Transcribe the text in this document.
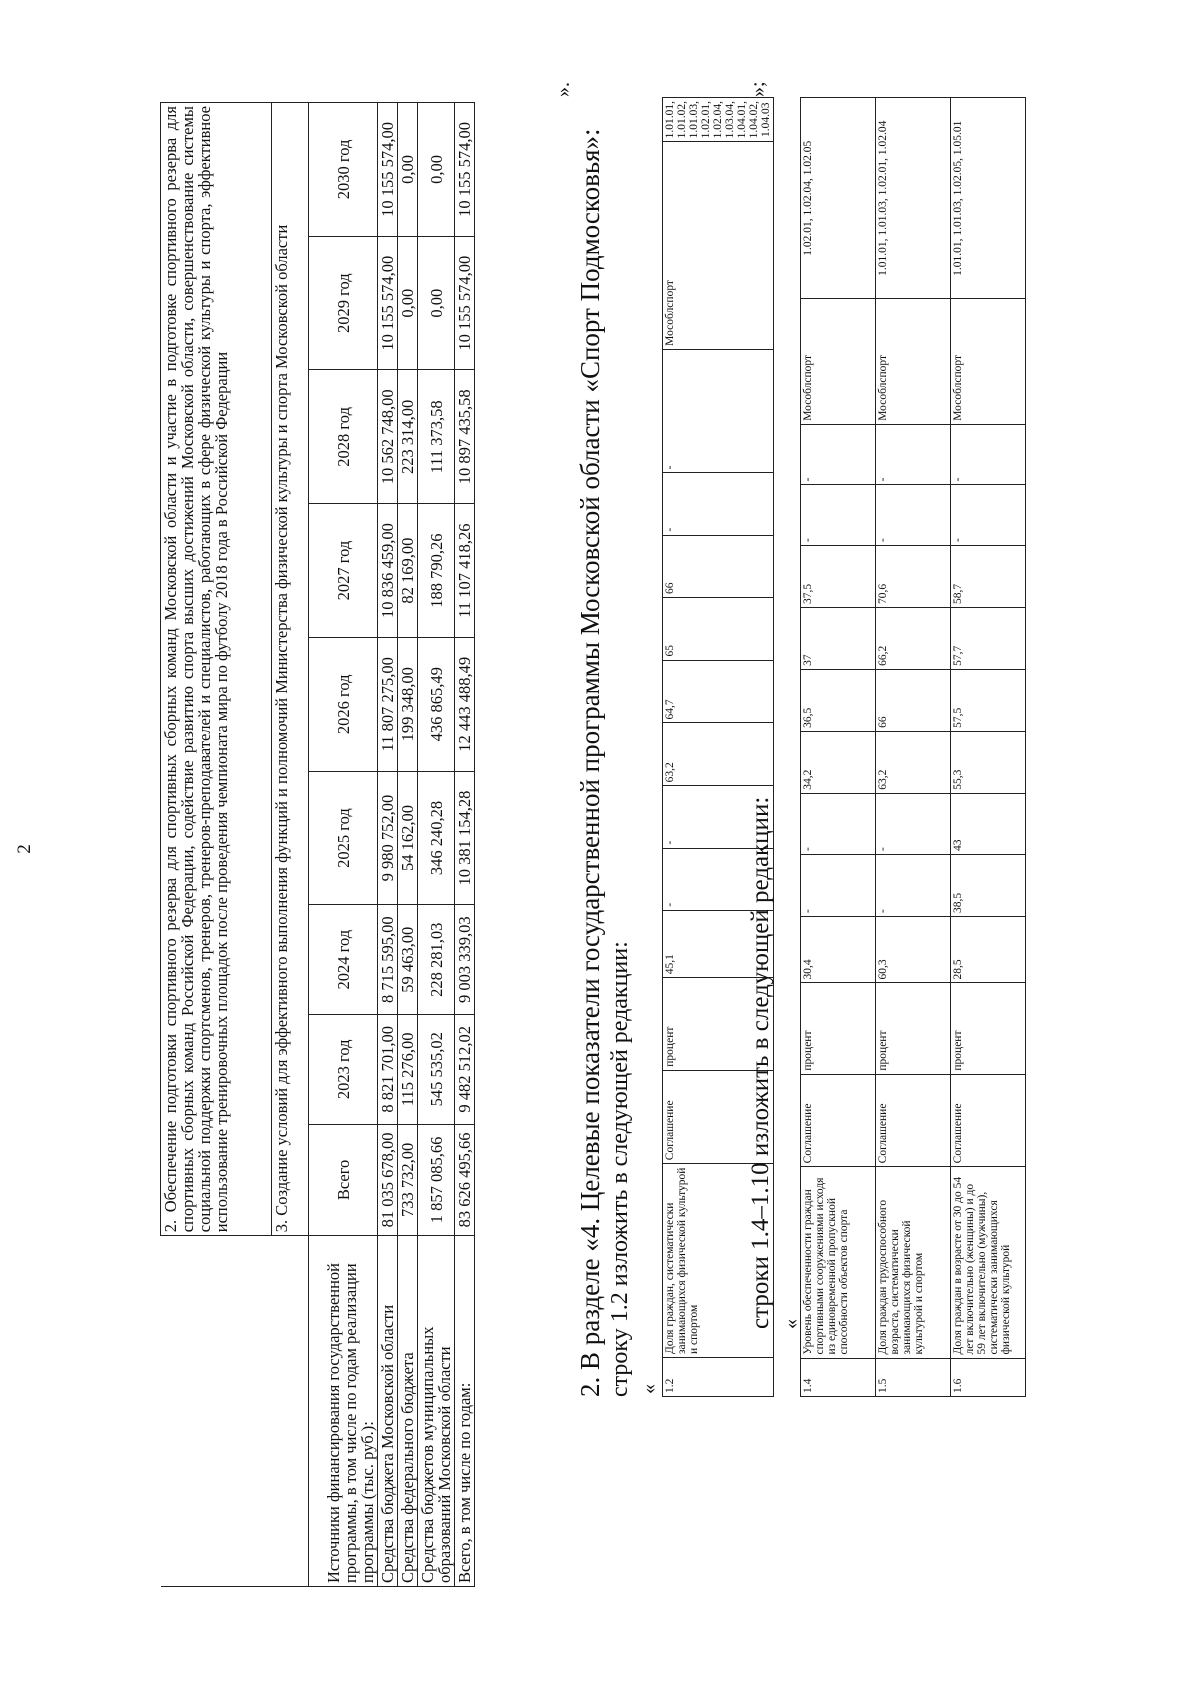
2
		2. Обеспечение подготовки спортивного резерва для спортивных сборных команд Московской области и участие в подготовке спортивного резерва для спортивных сборных команд Российской Федерации, содействие развитию спорта высших достижений Московской области, совершенствование системы социальной поддержки спортсменов, тренеров, тренеров-преподавателей и специалистов, работающих в сфере физической культуры и спорта, эффективное использование тренировочных площадок после проведения чемпионата мира по футболу 2018 года в Российской Федерации								
	3. Создание условий для эффективного выполнения функций и полномочий Министерства физической культуры и спорта Московской области								
Источники финансирования государственной программы, в том числе по годам реализации программы (тыс. руб.):	Всего	2023 год	2024 год	2025 год	2026 год	2027 год	2028 год	2029 год	2030 год
Средства бюджета Московской области	81 035 678,00	8 821 701,00	8 715 595,00	9 980 752,00	11 807 275,00	10 836 459,00	10 562 748,00	10 155 574,00	10 155 574,00
Средства федерального бюджета	733 732,00	115 276,00	59 463,00	54 162,00	199 348,00	82 169,00	223 314,00	0,00	0,00
Средства бюджетов муниципальных образований Московской области	1 857 085,66	545 535,02	228 281,03	346 240,28	436 865,49	188 790,26	111 373,58	0,00	0,00
Всего, в том числе по годам:	83 626 495,66	9 482 512,02	9 003 339,03	10 381 154,28	12 443 488,49	11 107 418,26	10 897 435,58	10 155 574,00	10 155 574,00
».
2. В разделе «4. Целевые показатели государственной программы Московской области «Спорт Подмосковья»: строку 1.2 изложить в следующей редакции: « 1.2	Доля граждан, систематически занимающихся физической культурой и спортом	Соглашение	процент	45,1	-	-	63,2	64,7	65	66	-	-	Мособлспорт	1.01.01, 1.01.02, 1.01.03, 1.02.01, 1.02.04, 1.03.04, 1.04.01, 1.04.02, 1.04.03
»;
строки 1.4–1.10 изложить в следующей редакции: «
1.4	Уровень обеспеченности граждан спортивными сооружениями исходя из единовременной пропускной способности объектов спорта	Соглашение	процент	30,4	-	-	34,2	36,5	37	37,5	-	-	Мособлспорт	1.02.01, 1.02.04, 1.02.05
1.5	Доля граждан трудоспособного возраста, систематически занимающихся физической культурой и спортом	Соглашение	процент	60,3	-	-	63,2	66	66,2	70,6	-	-	Мособлспорт	1.01.01, 1.01.03, 1.02.01, 1.02.04
1.6	Доля граждан в возрасте от 30 до 54 лет включительно (женщины) и до 59 лет включительно (мужчины), систематически занимающихся физической культурой	Соглашение	процент	28,5	38,5	43	55,3	57,5	57,7	58,7	-	-	Мособлспорт	1.01.01, 1.01.03, 1.02.05, 1.05.01
